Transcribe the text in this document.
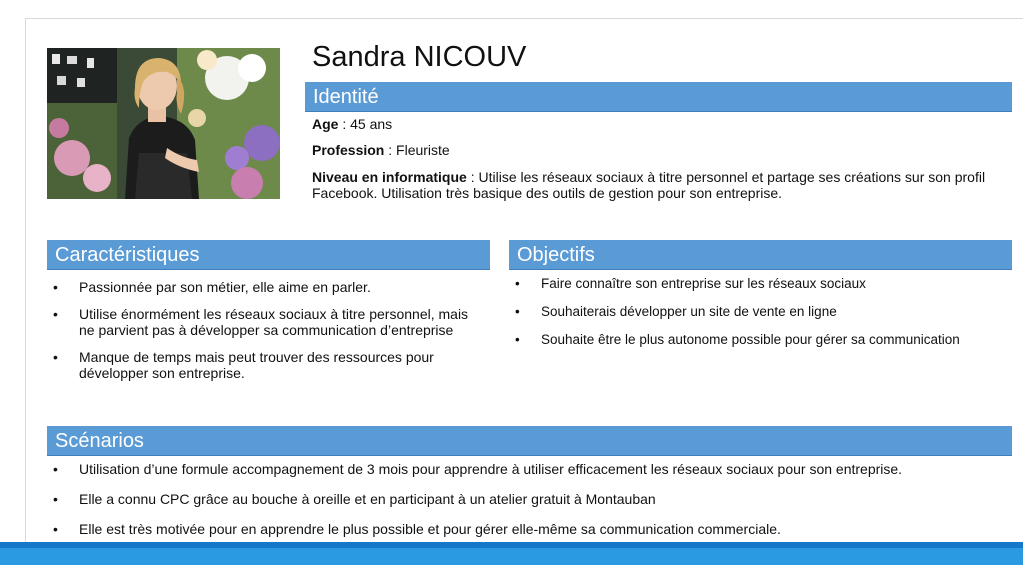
Sandra NICOUV
Identité
Age : 45 ans
Profession : Fleuriste
Niveau en informatique : Utilise les réseaux sociaux à titre personnel et partage ses créations sur son profil Facebook. Utilisation très basique des outils de gestion pour son entreprise.
Caractéristiques
• Passionnée par son métier, elle aime en parler.
• Utilise énormément les réseaux sociaux à titre personnel, mais ne parvient pas à développer sa communication d’entreprise
• Manque de temps mais peut trouver des ressources pour développer son entreprise.
Objectifs
• Faire connaître son entreprise sur les réseaux sociaux
• Souhaiterais développer un site de vente en ligne
• Souhaite être le plus autonome possible pour gérer sa communication
Scénarios
• Utilisation d’une formule accompagnement de 3 mois pour apprendre à utiliser efficacement les réseaux sociaux pour son entreprise.
• Elle a connu CPC grâce au bouche à oreille et en participant à un atelier gratuit à Montauban
• Elle est très motivée pour en apprendre le plus possible et pour gérer elle-même sa communication commerciale.
